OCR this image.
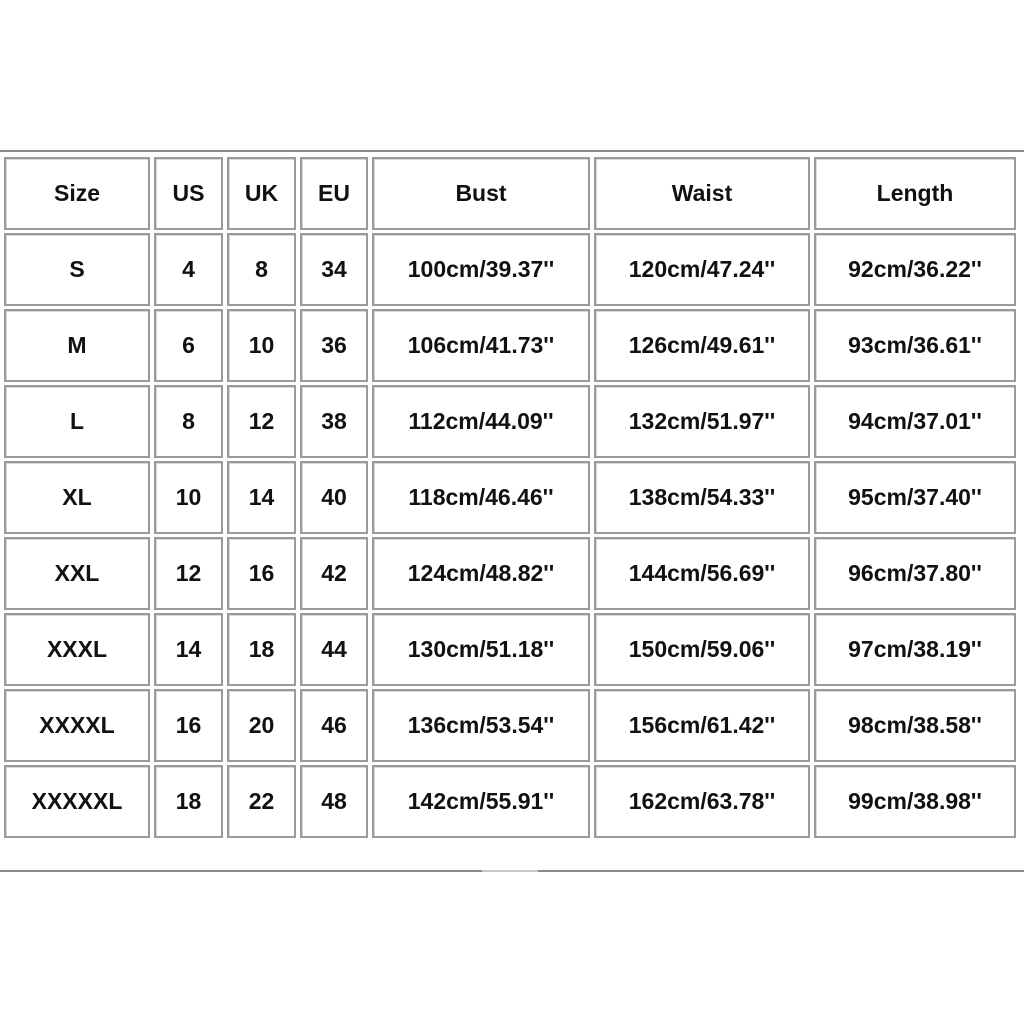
Size	US	UK	EU	Bust	Waist	Length
S	4	8	34	100cm/39.37''	120cm/47.24''	92cm/36.22''
M	6	10	36	106cm/41.73''	126cm/49.61''	93cm/36.61''
L	8	12	38	112cm/44.09''	132cm/51.97''	94cm/37.01''
XL	10	14	40	118cm/46.46''	138cm/54.33''	95cm/37.40''
XXL	12	16	42	124cm/48.82''	144cm/56.69''	96cm/37.80''
XXXL	14	18	44	130cm/51.18''	150cm/59.06''	97cm/38.19''
XXXXL	16	20	46	136cm/53.54''	156cm/61.42''	98cm/38.58''
XXXXXL	18	22	48	142cm/55.91''	162cm/63.78''	99cm/38.98''
